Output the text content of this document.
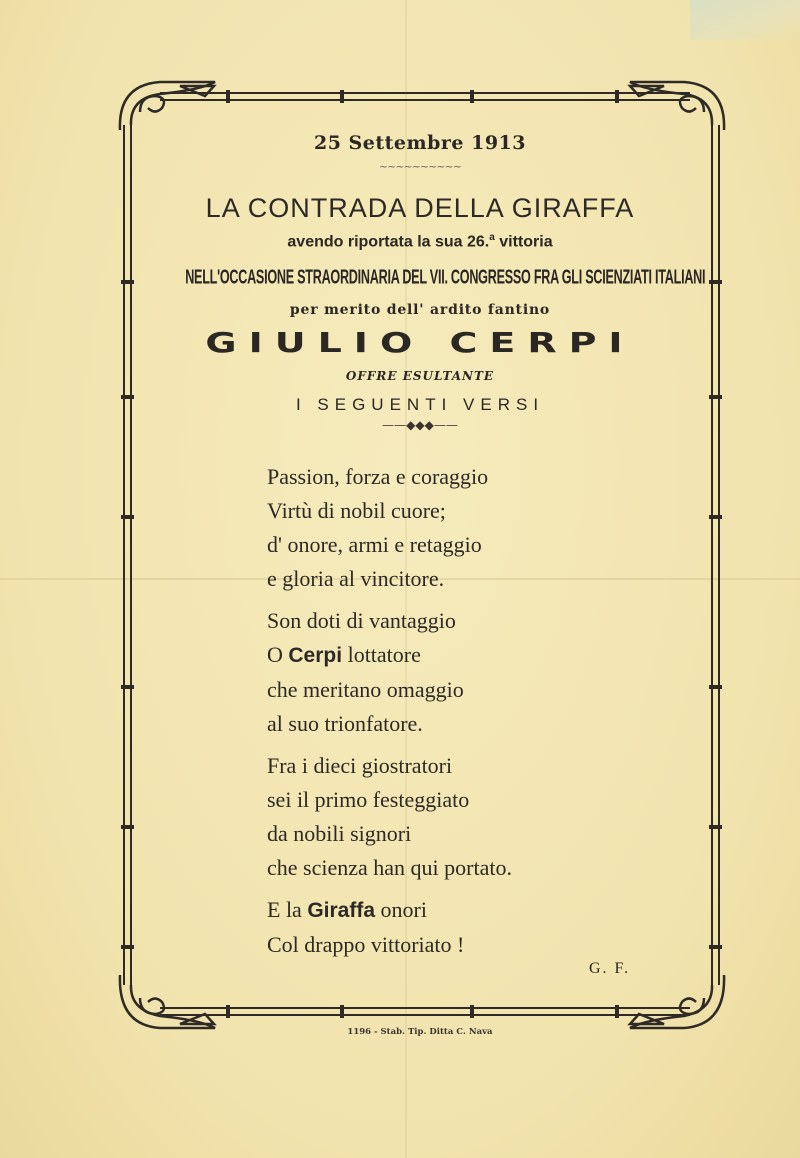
25 Settembre 1913
~~~~~~~~~~
LA CONTRADA DELLA GIRAFFA
avendo riportata la sua 26.$^a$ vittoria
NELL'OCCASIONE STRAORDINARIA DEL VII. CONGRESSO FRA GLI SCIENZIATI ITALIANI
per merito dell' ardito fantino
GIULIO CERPI
OFFRE ESULTANTE
I SEGUENTI VERSI
——◆◆◆——
Passion, forza e coraggio
Virtù di nobil cuore;
d' onore, armi e retaggio
e gloria al vincitore.
Son doti di vantaggio
O Cerpi lottatore
che meritano omaggio
al suo trionfatore.
Fra i dieci giostratori
sei il primo festeggiato
da nobili signori
che scienza han qui portato.
E la Giraffa onori
Col drappo vittoriato !
G. F.
1196 - Stab. Tip. Ditta C. Nava
